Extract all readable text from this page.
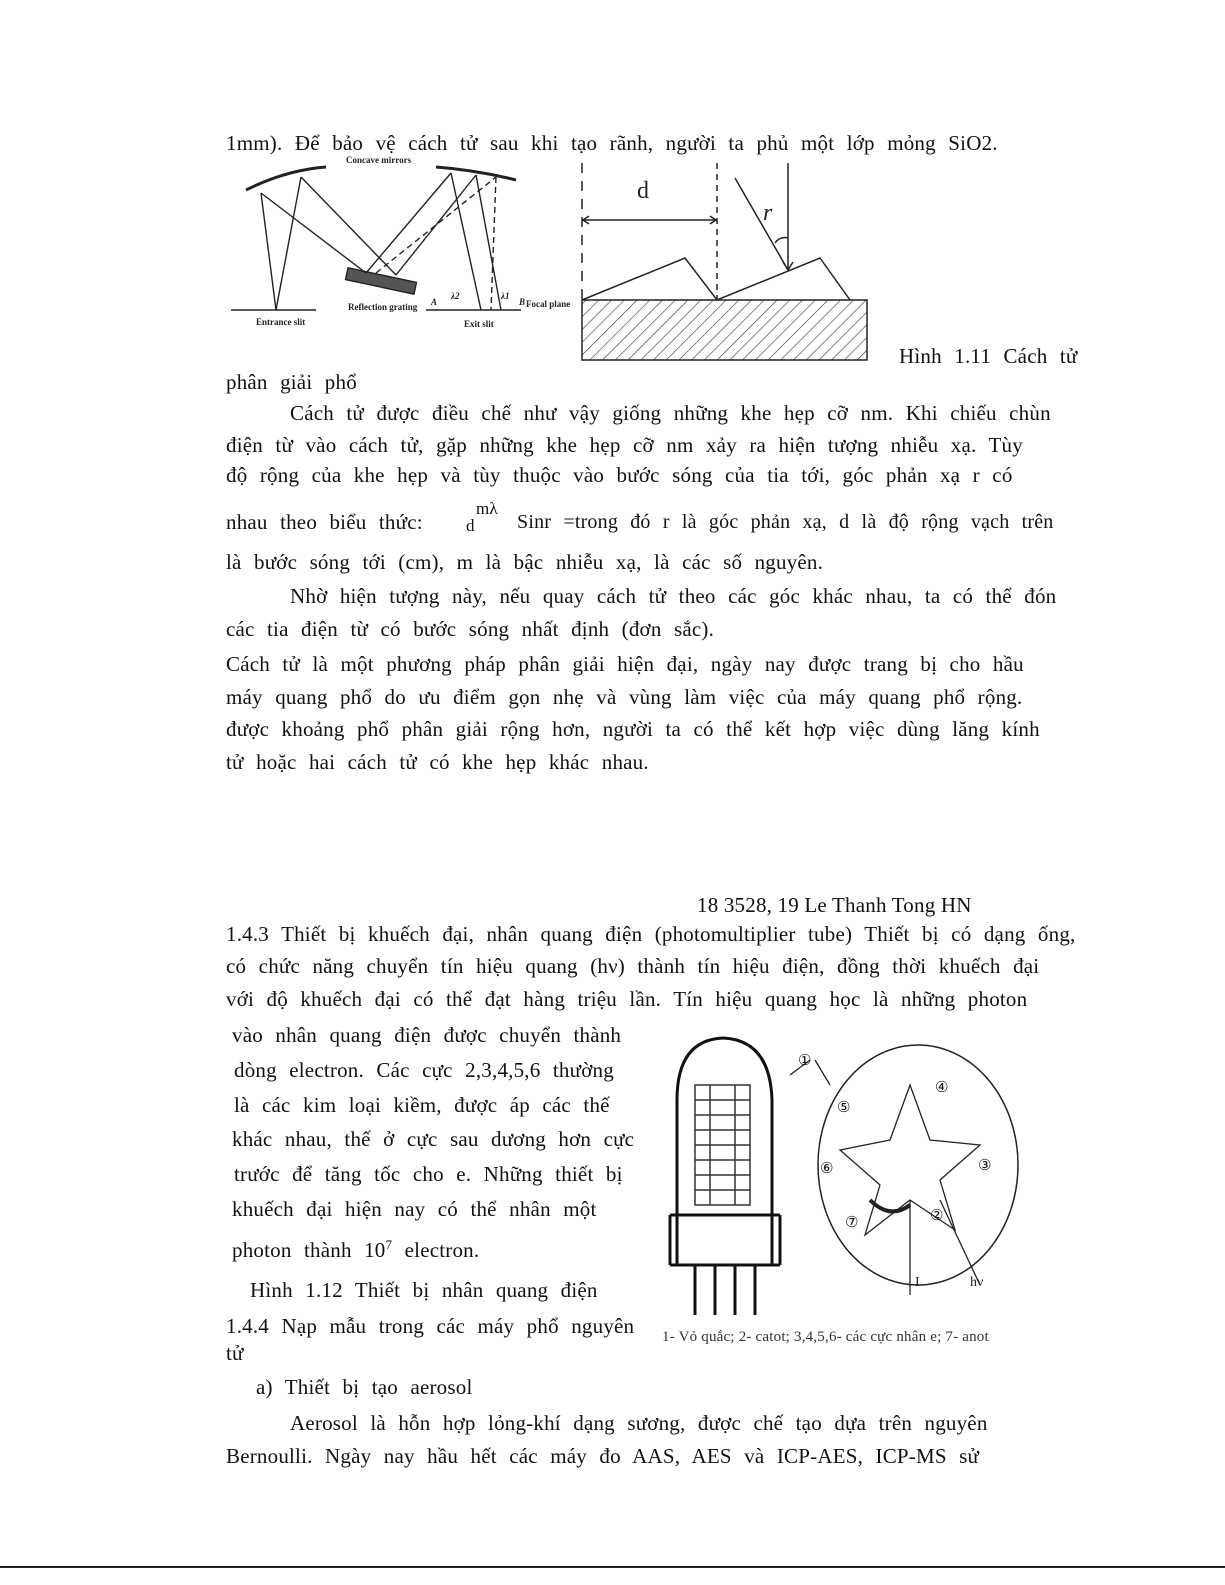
Concave mirrors
Reflection grating
Entrance slit	Exit slit
Focal plane
A	B
λ2	λ1
d
r
①
②
③
④
⑤
⑥
⑦
I	hν
1mm). Để bảo vệ cách tử sau khi tạo rãnh, người ta phủ một lớp mỏng SiO2.
Hình 1.11 Cách tử
phân giải phổ
Cách tử được điều chế như vậy giống những khe hẹp cỡ nm. Khi chiếu chùn
điện từ vào cách tử, gặp những khe hẹp cỡ nm xảy ra hiện tượng nhiễu xạ. Tùy
độ rộng của khe hẹp và tùy thuộc vào bước sóng của tia tới, góc phản xạ r có
nhau theo biểu thức:
mλ
d Sinr =trong đó r là góc phản xạ, d là độ rộng vạch trên
là bước sóng tới (cm), m là bậc nhiễu xạ, là các số nguyên.
Nhờ hiện tượng này, nếu quay cách tử theo các góc khác nhau, ta có thể đón
các tia điện từ có bước sóng nhất định (đơn sắc).
Cách tử là một phương pháp phân giải hiện đại, ngày nay được trang bị cho hầu
máy quang phổ do ưu điểm gọn nhẹ và vùng làm việc của máy quang phổ rộng.
được khoảng phổ phân giải rộng hơn, người ta có thể kết hợp việc dùng lăng kính
tử hoặc hai cách tử có khe hẹp khác nhau.
18 3528, 19 Le Thanh Tong HN
1.4.3 Thiết bị khuếch đại, nhân quang điện (photomultiplier tube) Thiết bị có dạng ống,
có chức năng chuyển tín hiệu quang (hν) thành tín hiệu điện, đồng thời khuếch đại
với độ khuếch đại có thể đạt hàng triệu lần. Tín hiệu quang học là những photon
vào nhân quang điện được chuyển thành
dòng electron. Các cực 2,3,4,5,6 thường
là các kim loại kiềm, được áp các thế
khác nhau, thế ở cực sau dương hơn cực
trước để tăng tốc cho e. Những thiết bị
khuếch đại hiện nay có thể nhân một
photon thành $10^7$ electron.
Hình 1.12 Thiết bị nhân quang điện
1.4.4 Nạp mẫu trong các máy phổ nguyên
tử
1- Vỏ quắc; 2- catot; 3,4,5,6- các cực nhân e; 7- anot
a) Thiết bị tạo aerosol
Aerosol là hỗn hợp lỏng-khí dạng sương, được chế tạo dựa trên nguyên
Bernoulli. Ngày nay hầu hết các máy đo AAS, AES và ICP-AES, ICP-MS sử
